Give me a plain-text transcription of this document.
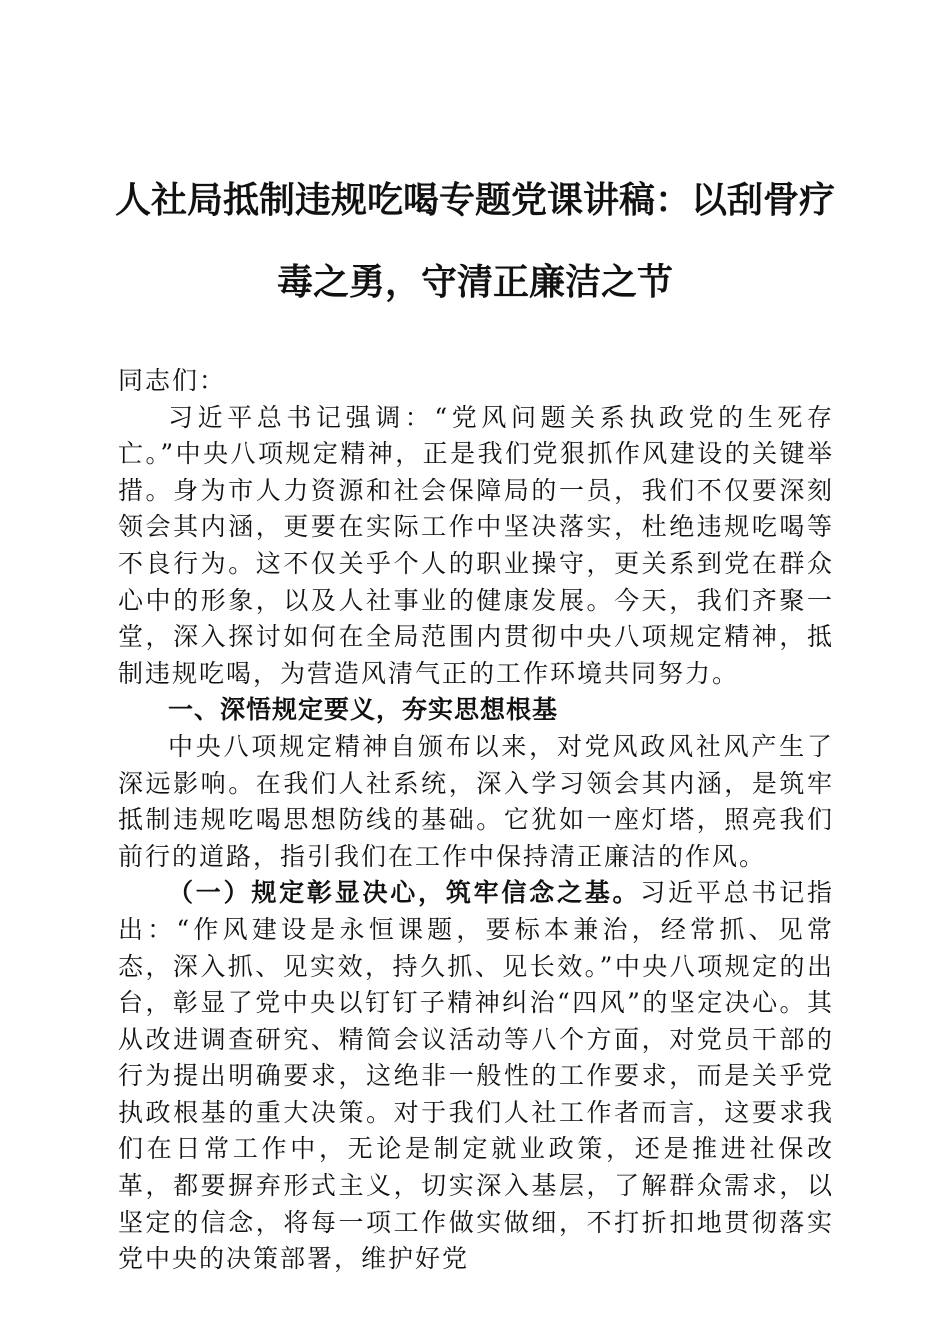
人社局抵制违规吃喝专题党课讲稿：以刮骨疗毒之勇，守清正廉洁之节

同志们：

习近平总书记强调：“党风问题关系执政党的生死存亡。”中央八项规定精神，正是我们党狠抓作风建设的关键举措。身为市人力资源和社会保障局的一员，我们不仅要深刻领会其内涵，更要在实际工作中坚决落实，杜绝违规吃喝等不良行为。这不仅关乎个人的职业操守，更关系到党在群众心中的形象，以及人社事业的健康发展。今天，我们齐聚一堂，深入探讨如何在全局范围内贯彻中央八项规定精神，抵制违规吃喝，为营造风清气正的工作环境共同努力。

一、深悟规定要义，夯实思想根基

中央八项规定精神自颁布以来，对党风政风社风产生了深远影响。在我们人社系统，深入学习领会其内涵，是筑牢抵制违规吃喝思想防线的基础。它犹如一座灯塔，照亮我们前行的道路，指引我们在工作中保持清正廉洁的作风。

（一）规定彰显决心，筑牢信念之基。习近平总书记指出：“作风建设是永恒课题，要标本兼治，经常抓、见常态，深入抓、见实效，持久抓、见长效。”中央八项规定的出台，彰显了党中央以钉钉子精神纠治“四风”的坚定决心。其从改进调查研究、精简会议活动等八个方面，对党员干部的行为提出明确要求，这绝非一般性的工作要求，而是关乎党执政根基的重大决策。对于我们人社工作者而言，这要求我们在日常工作中，无论是制定就业政策，还是推进社保改革，都要摒弃形式主义，切实深入基层，了解群众需求，以坚定的信念，将每一项工作做实做细，不打折扣地贯彻落实党中央的决策部署，维护好党
